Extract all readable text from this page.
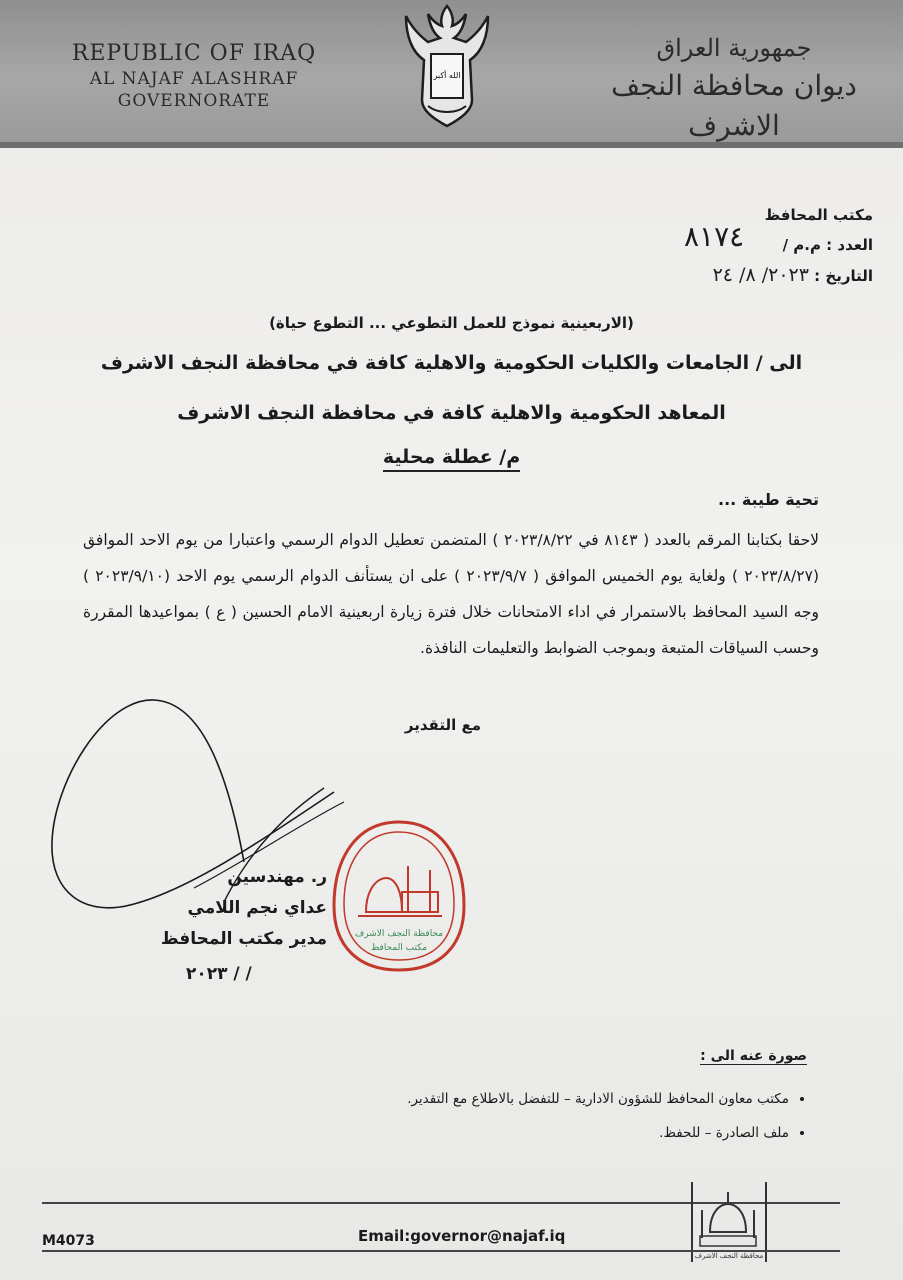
REPUBLIC OF IRAQ
AL NAJAF ALASHRAF GOVERNORATE
الله أكبر
جمهورية العراق
ديوان محافظة النجف الاشرف
مكتب المحافظ
العدد : م.م /
التاريخ : ٢٠٢٣/ ٨/ ٢٤
٨١٧٤
(الاربعينية نموذج للعمل التطوعي ... التطوع حياة)
الى / الجامعات والكليات الحكومية والاهلية كافة في محافظة النجف الاشرف
المعاهد الحكومية والاهلية كافة في محافظة النجف الاشرف
م/ عطلة محلية
تحية طيبة ...
لاحقا بكتابنا المرقم بالعدد ( ٨١٤٣ في ٢٠٢٣/٨/٢٢ ) المتضمن تعطيل الدوام الرسمي واعتبارا من يوم الاحد الموافق (٢٠٢٣/٨/٢٧ ) ولغاية يوم الخميس الموافق ( ٢٠٢٣/٩/٧ ) على ان يستأنف الدوام الرسمي يوم الاحد (٢٠٢٣/٩/١٠ ) وجه السيد المحافظ بالاستمرار في اداء الامتحانات خلال فترة زيارة اربعينية الامام الحسين ( ع ) بمواعيدها المقررة وحسب السياقات المتبعة وبموجب الضوابط والتعليمات النافذة.
مع التقدير
محافظة النجف الاشرف
مكتب المحافظ
ر. مهندسين
عداي نجم اللامي
مدير مكتب المحافظ
/ / ٢٠٢٣
صورة عنه الى :
• مكتب معاون المحافظ للشؤون الادارية – للتفضل بالاطلاع مع التقدير.
• ملف الصادرة – للحفظ.
M4073	Email:governor@najaf.iq
محافظة النجف الاشرف
